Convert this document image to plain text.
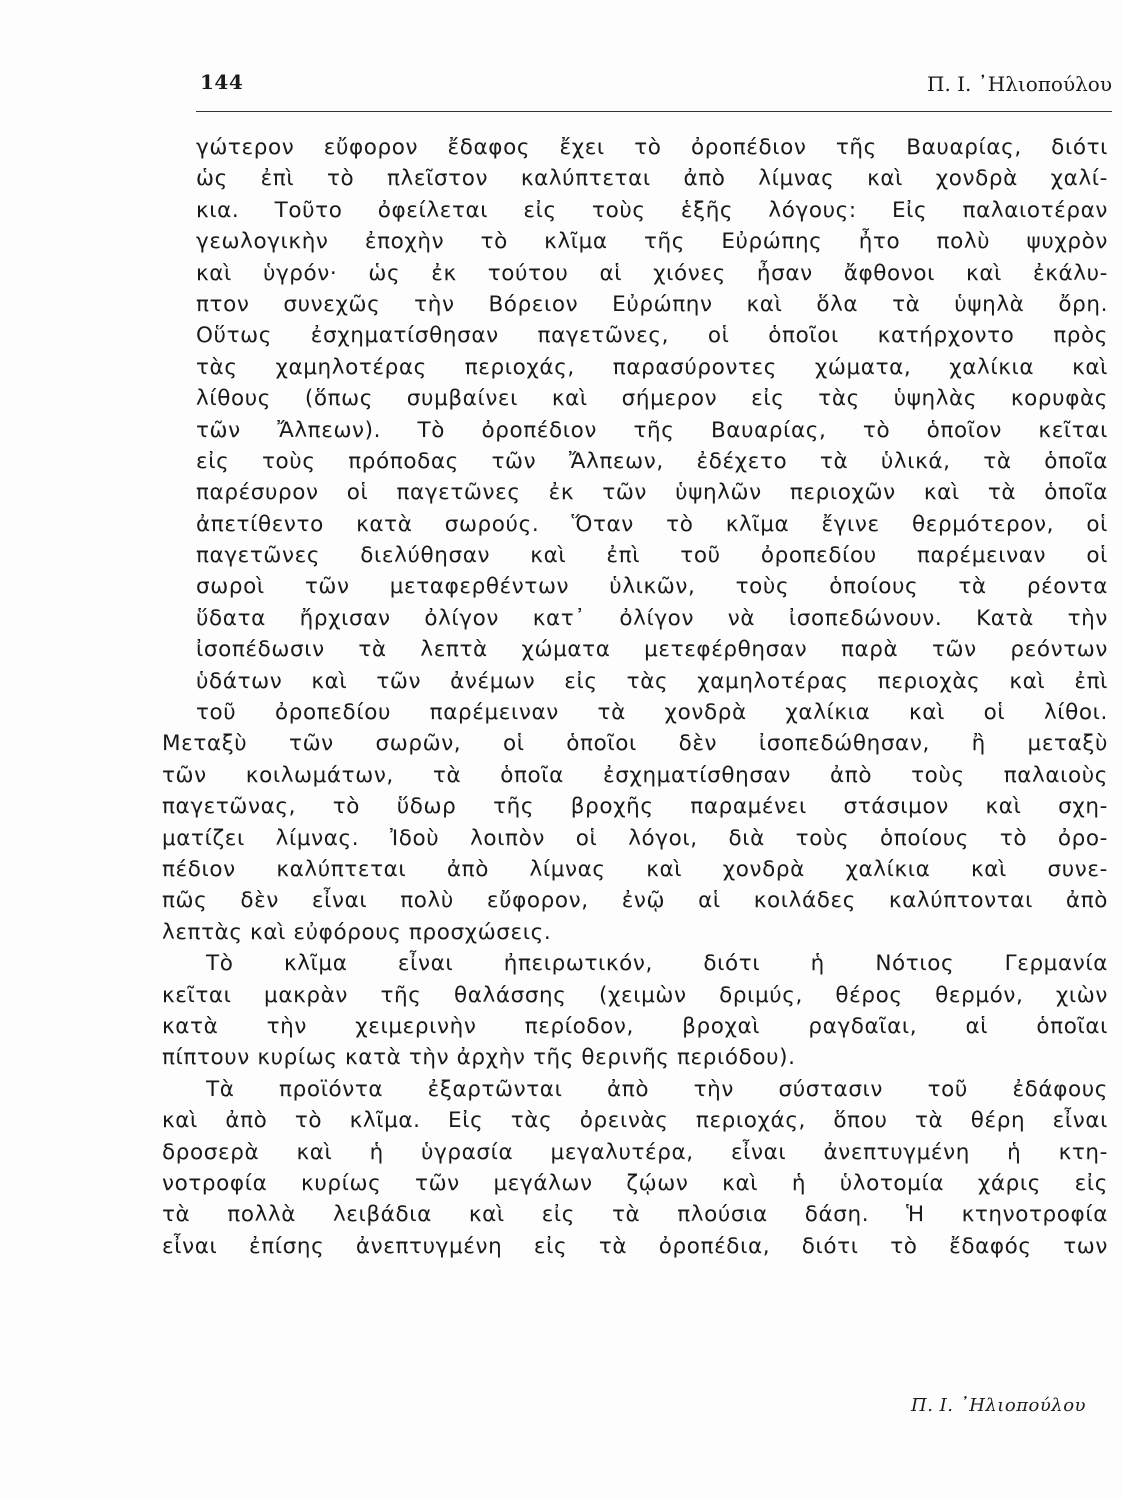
144	Π. Ι. ᾿Ηλιοπούλου
γώτερον εὔφορον ἔδαφος ἔχει τὸ ὀροπέδιον τῆς Βαυαρίας, διότι
ὡς ἐπὶ τὸ πλεῖστον καλύπτεται ἀπὸ λίμνας καὶ χονδρὰ χαλί-
κια. Τοῦτο ὀφείλεται εἰς τοὺς ἑξῆς λόγους: Εἰς παλαιοτέραν
γεωλογικὴν ἐποχὴν τὸ κλῖμα τῆς Εὐρώπης ἦτο πολὺ ψυχρὸν
καὶ ὑγρόν· ὡς ἐκ τούτου αἱ χιόνες ἦσαν ἄφθονοι καὶ ἐκάλυ-
πτον συνεχῶς τὴν Βόρειον Εὐρώπην καὶ ὅλα τὰ ὑψηλὰ ὄρη.
Οὕτως ἐσχηματίσθησαν παγετῶνες, οἱ ὁποῖοι κατήρχοντο πρὸς
τὰς χαμηλοτέρας περιοχάς, παρασύροντες χώματα, χαλίκια καὶ
λίθους (ὅπως συμβαίνει καὶ σήμερον εἰς τὰς ὑψηλὰς κορυφὰς
τῶν Ἄλπεων). Τὸ ὀροπέδιον τῆς Βαυαρίας, τὸ ὁποῖον κεῖται
εἰς τοὺς πρόποδας τῶν Ἄλπεων, ἐδέχετο τὰ ὑλικά, τὰ ὁποῖα
παρέσυρον οἱ παγετῶνες ἐκ τῶν ὑψηλῶν περιοχῶν καὶ τὰ ὁποῖα
ἀπετίθεντο κατὰ σωρούς. Ὅταν τὸ κλῖμα ἔγινε θερμότερον, οἱ
παγετῶνες διελύθησαν καὶ ἐπὶ τοῦ ὀροπεδίου παρέμειναν οἱ
σωροὶ τῶν μεταφερθέντων ὑλικῶν, τοὺς ὁποίους τὰ ρέοντα
ὕδατα ἤρχισαν ὀλίγον κατ᾽ ὀλίγον νὰ ἰσοπεδώνουν. Κατὰ τὴν
ἰσοπέδωσιν τὰ λεπτὰ χώματα μετεφέρθησαν παρὰ τῶν ρεόντων
ὑδάτων καὶ τῶν ἀνέμων εἰς τὰς χαμηλοτέρας περιοχὰς καὶ ἐπὶ
τοῦ ὀροπεδίου παρέμειναν τὰ χονδρὰ χαλίκια καὶ οἱ λίθοι.
Μεταξὺ τῶν σωρῶν, οἱ ὁποῖοι δὲν ἰσοπεδώθησαν, ἢ μεταξὺ
τῶν κοιλωμάτων, τὰ ὁποῖα ἐσχηματίσθησαν ἀπὸ τοὺς παλαιοὺς
παγετῶνας, τὸ ὕδωρ τῆς βροχῆς παραμένει στάσιμον καὶ σχη-
ματίζει λίμνας. Ἰδοὺ λοιπὸν οἱ λόγοι, διὰ τοὺς ὁποίους τὸ ὀρο-
πέδιον καλύπτεται ἀπὸ λίμνας καὶ χονδρὰ χαλίκια καὶ συνε-
πῶς δὲν εἶναι πολὺ εὔφορον, ἐνῷ αἱ κοιλάδες καλύπτονται ἀπὸ
λεπτὰς καὶ εὐφόρους προσχώσεις.
Τὸ κλῖμα εἶναι ἠπειρωτικόν, διότι ἡ Νότιος Γερμανία
κεῖται μακρὰν τῆς θαλάσσης (χειμὼν δριμύς, θέρος θερμόν, χιὼν
κατὰ τὴν χειμερινὴν περίοδον, βροχαὶ ραγδαῖαι, αἱ ὁποῖαι
πίπτουν κυρίως κατὰ τὴν ἀρχὴν τῆς θερινῆς περιόδου).
Τὰ προϊόντα ἐξαρτῶνται ἀπὸ τὴν σύστασιν τοῦ ἐδάφους
καὶ ἀπὸ τὸ κλῖμα. Εἰς τὰς ὀρεινὰς περιοχάς, ὅπου τὰ θέρη εἶναι
δροσερὰ καὶ ἡ ὑγρασία μεγαλυτέρα, εἶναι ἀνεπτυγμένη ἡ κτη-
νοτροφία κυρίως τῶν μεγάλων ζῴων καὶ ἡ ὑλοτομία χάρις εἰς
τὰ πολλὰ λειβάδια καὶ εἰς τὰ πλούσια δάση. Ἡ κτηνοτροφία
εἶναι ἐπίσης ἀνεπτυγμένη εἰς τὰ ὀροπέδια, διότι τὸ ἔδαφός των
Π. Ι. ᾿Ηλιοπούλου
